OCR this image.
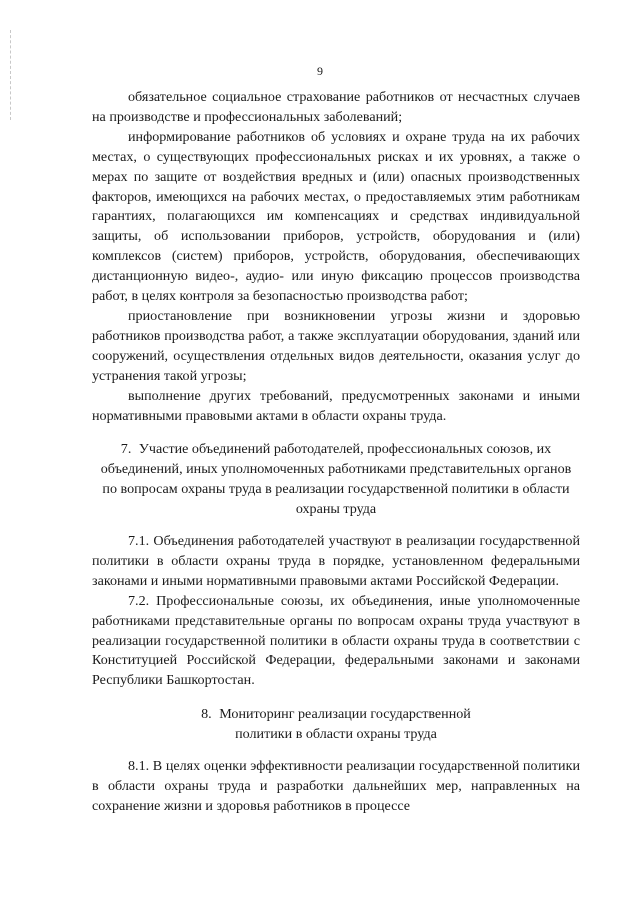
9

обязательное социальное страхование работников от несчастных случаев на производстве и профессиональных заболеваний;

информирование работников об условиях и охране труда на их рабочих местах, о существующих профессиональных рисках и их уровнях, а также о мерах по защите от воздействия вредных и (или) опасных производственных факторов, имеющихся на рабочих местах, о предоставляемых этим работникам гарантиях, полагающихся им компенсациях и средствах индивидуальной защиты, об использовании приборов, устройств, оборудования и (или) комплексов (систем) приборов, устройств, оборудования, обеспечивающих дистанционную видео-, аудио- или иную фиксацию процессов производства работ, в целях контроля за безопасностью производства работ;

приостановление при возникновении угрозы жизни и здоровью работников производства работ, а также эксплуатации оборудования, зданий или сооружений, осуществления отдельных видов деятельности, оказания услуг до устранения такой угрозы;

выполнение других требований, предусмотренных законами и иными нормативными правовыми актами в области охраны труда.

7. Участие объединений работодателей, профессиональных союзов, их объединений, иных уполномоченных работниками представительных органов по вопросам охраны труда в реализации государственной политики в области охраны труда

7.1. Объединения работодателей участвуют в реализации государственной политики в области охраны труда в порядке, установленном федеральными законами и иными нормативными правовыми актами Российской Федерации.

7.2. Профессиональные союзы, их объединения, иные уполномоченные работниками представительные органы по вопросам охраны труда участвуют в реализации государственной политики в области охраны труда в соответствии с Конституцией Российской Федерации, федеральными законами и законами Республики Башкортостан.

8. Мониторинг реализации государственной политики в области охраны труда

8.1. В целях оценки эффективности реализации государственной политики в области охраны труда и разработки дальнейших мер, направленных на сохранение жизни и здоровья работников в процессе
